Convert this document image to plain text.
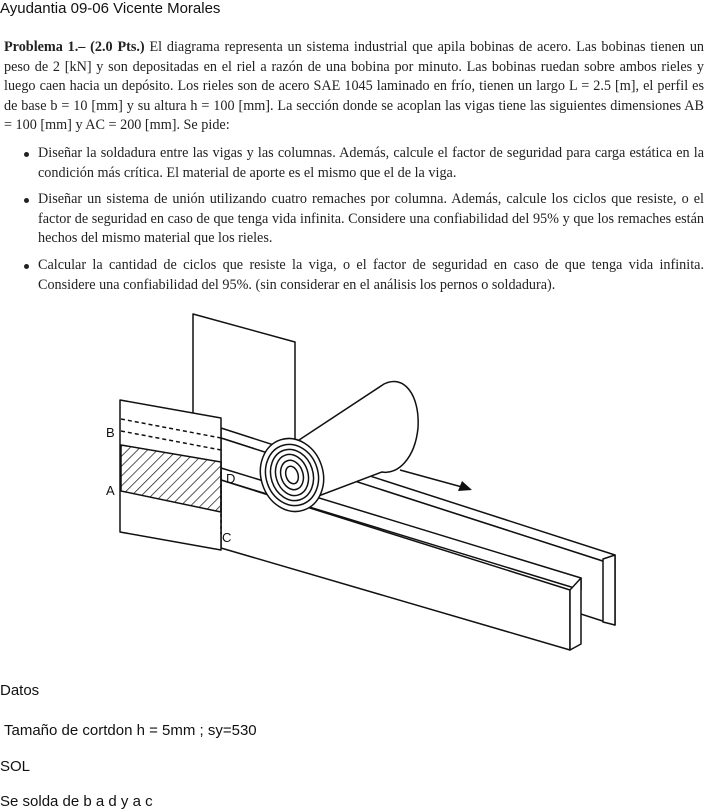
Ayudantia 09-06 Vicente Morales

Problema 1.– (2.0 Pts.) El diagrama representa un sistema industrial que apila bobinas de acero. Las bobinas tienen un peso de 2 [kN] y son depositadas en el riel a razón de una bobina por minuto. Las bobinas ruedan sobre ambos rieles y luego caen hacia un depósito. Los rieles son de acero SAE 1045 laminado en frío, tienen un largo L = 2.5 [m], el perfil es de base b = 10 [mm] y su altura h = 100 [mm]. La sección donde se acoplan las vigas tiene las siguientes dimensiones AB = 100 [mm] y AC = 200 [mm]. Se pide:

Diseñar la soldadura entre las vigas y las columnas. Además, calcule el factor de seguridad para carga estática en la condición más crítica. El material de aporte es el mismo que el de la viga.
Diseñar un sistema de unión utilizando cuatro remaches por columna. Además, calcule los ciclos que resiste, o el factor de seguridad en caso de que tenga vida infinita. Considere una confiabilidad del 95% y que los remaches están hechos del mismo material que los rieles.
Calcular la cantidad de ciclos que resiste la viga, o el factor de seguridad en caso de que tenga vida infinita. Considere una confiabilidad del 95%. (sin considerar en el análisis los pernos o soldadura).
B
A
D
C
Datos
Tamaño de cortdon h = 5mm ; sy=530
SOL
Se solda de b a d y a c
